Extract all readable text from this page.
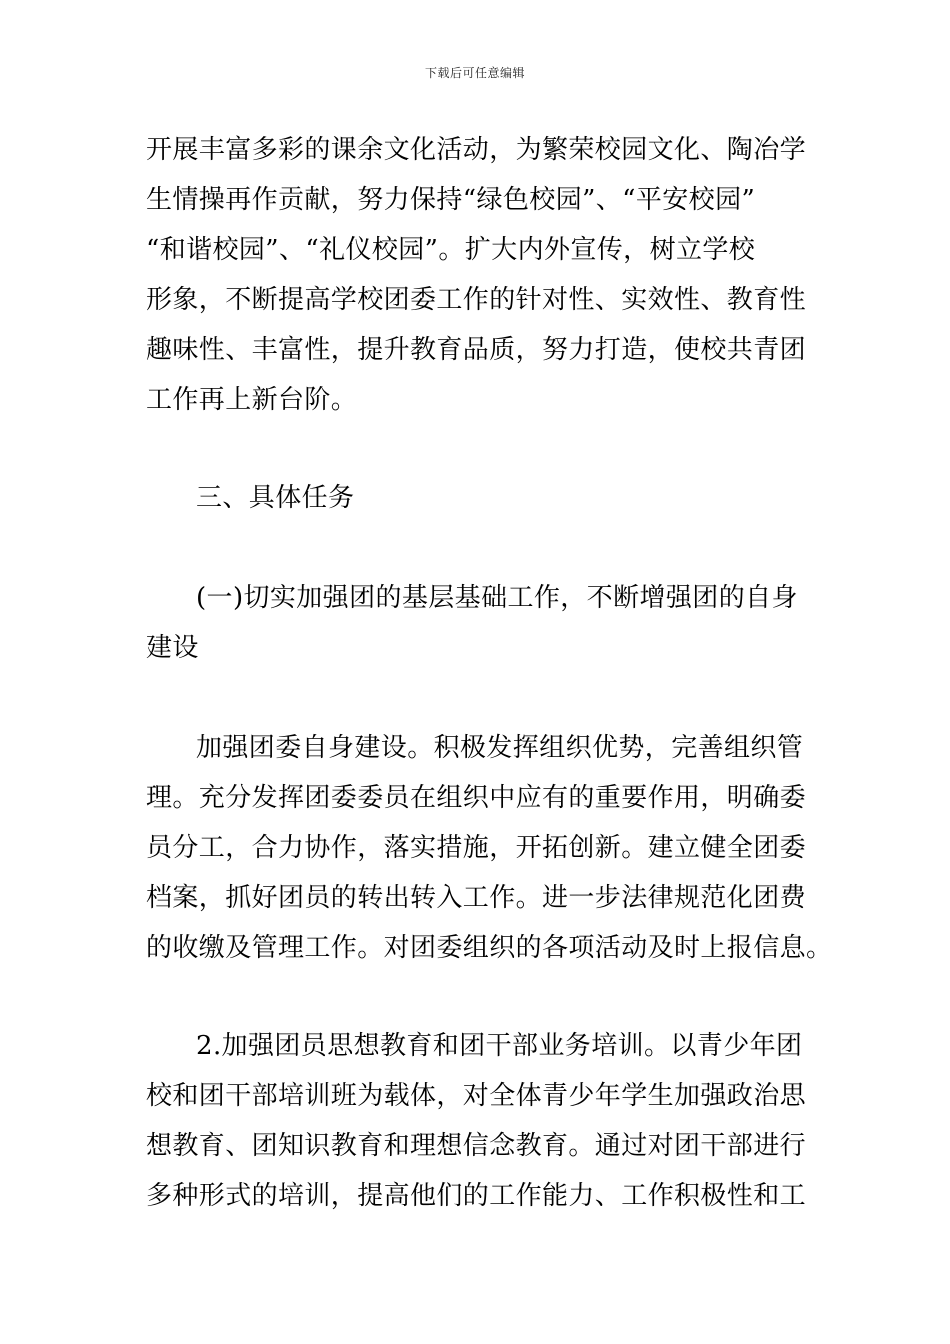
下载后可任意编辑
开展丰富多彩的课余文化活动，为繁荣校园文化、陶冶学
生情操再作贡献，努力保持“绿色校园”、“平安校园”
“和谐校园”、“礼仪校园”。扩大内外宣传，树立学校
形象，不断提高学校团委工作的针对性、实效性、教育性
趣味性、丰富性，提升教育品质，努力打造，使校共青团
工作再上新台阶。
三、具体任务
(一)切实加强团的基层基础工作，不断增强团的自身
建设
加强团委自身建设。积极发挥组织优势，完善组织管
理。充分发挥团委委员在组织中应有的重要作用，明确委
员分工，合力协作，落实措施，开拓创新。建立健全团委
档案，抓好团员的转出转入工作。进一步法律规范化团费
的收缴及管理工作。对团委组织的各项活动及时上报信息。
2.加强团员思想教育和团干部业务培训。以青少年团
校和团干部培训班为载体，对全体青少年学生加强政治思
想教育、团知识教育和理想信念教育。通过对团干部进行
多种形式的培训，提高他们的工作能力、工作积极性和工
